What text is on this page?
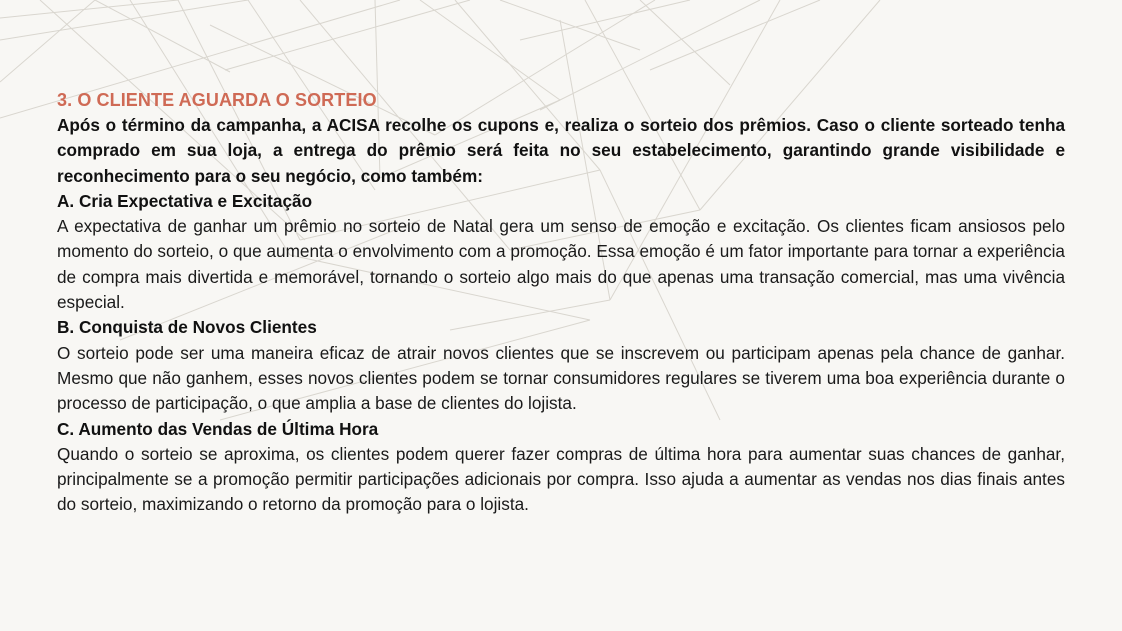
3. O CLIENTE AGUARDA O SORTEIO

Após o término da campanha, a ACISA recolhe os cupons e, realiza o sorteio dos prêmios. Caso o cliente sorteado tenha comprado em sua loja, a entrega do prêmio será feita no seu estabelecimento, garantindo grande visibilidade e reconhecimento para o seu negócio, como também:

A. Cria Expectativa e Excitação

A expectativa de ganhar um prêmio no sorteio de Natal gera um senso de emoção e excitação. Os clientes ficam ansiosos pelo momento do sorteio, o que aumenta o envolvimento com a promoção. Essa emoção é um fator importante para tornar a experiência de compra mais divertida e memorável, tornando o sorteio algo mais do que apenas uma transação comercial, mas uma vivência especial.

B. Conquista de Novos Clientes

O sorteio pode ser uma maneira eficaz de atrair novos clientes que se inscrevem ou participam apenas pela chance de ganhar. Mesmo que não ganhem, esses novos clientes podem se tornar consumidores regulares se tiverem uma boa experiência durante o processo de participação, o que amplia a base de clientes do lojista.

C. Aumento das Vendas de Última Hora

Quando o sorteio se aproxima, os clientes podem querer fazer compras de última hora para aumentar suas chances de ganhar, principalmente se a promoção permitir participações adicionais por compra. Isso ajuda a aumentar as vendas nos dias finais antes do sorteio, maximizando o retorno da promoção para o lojista.
